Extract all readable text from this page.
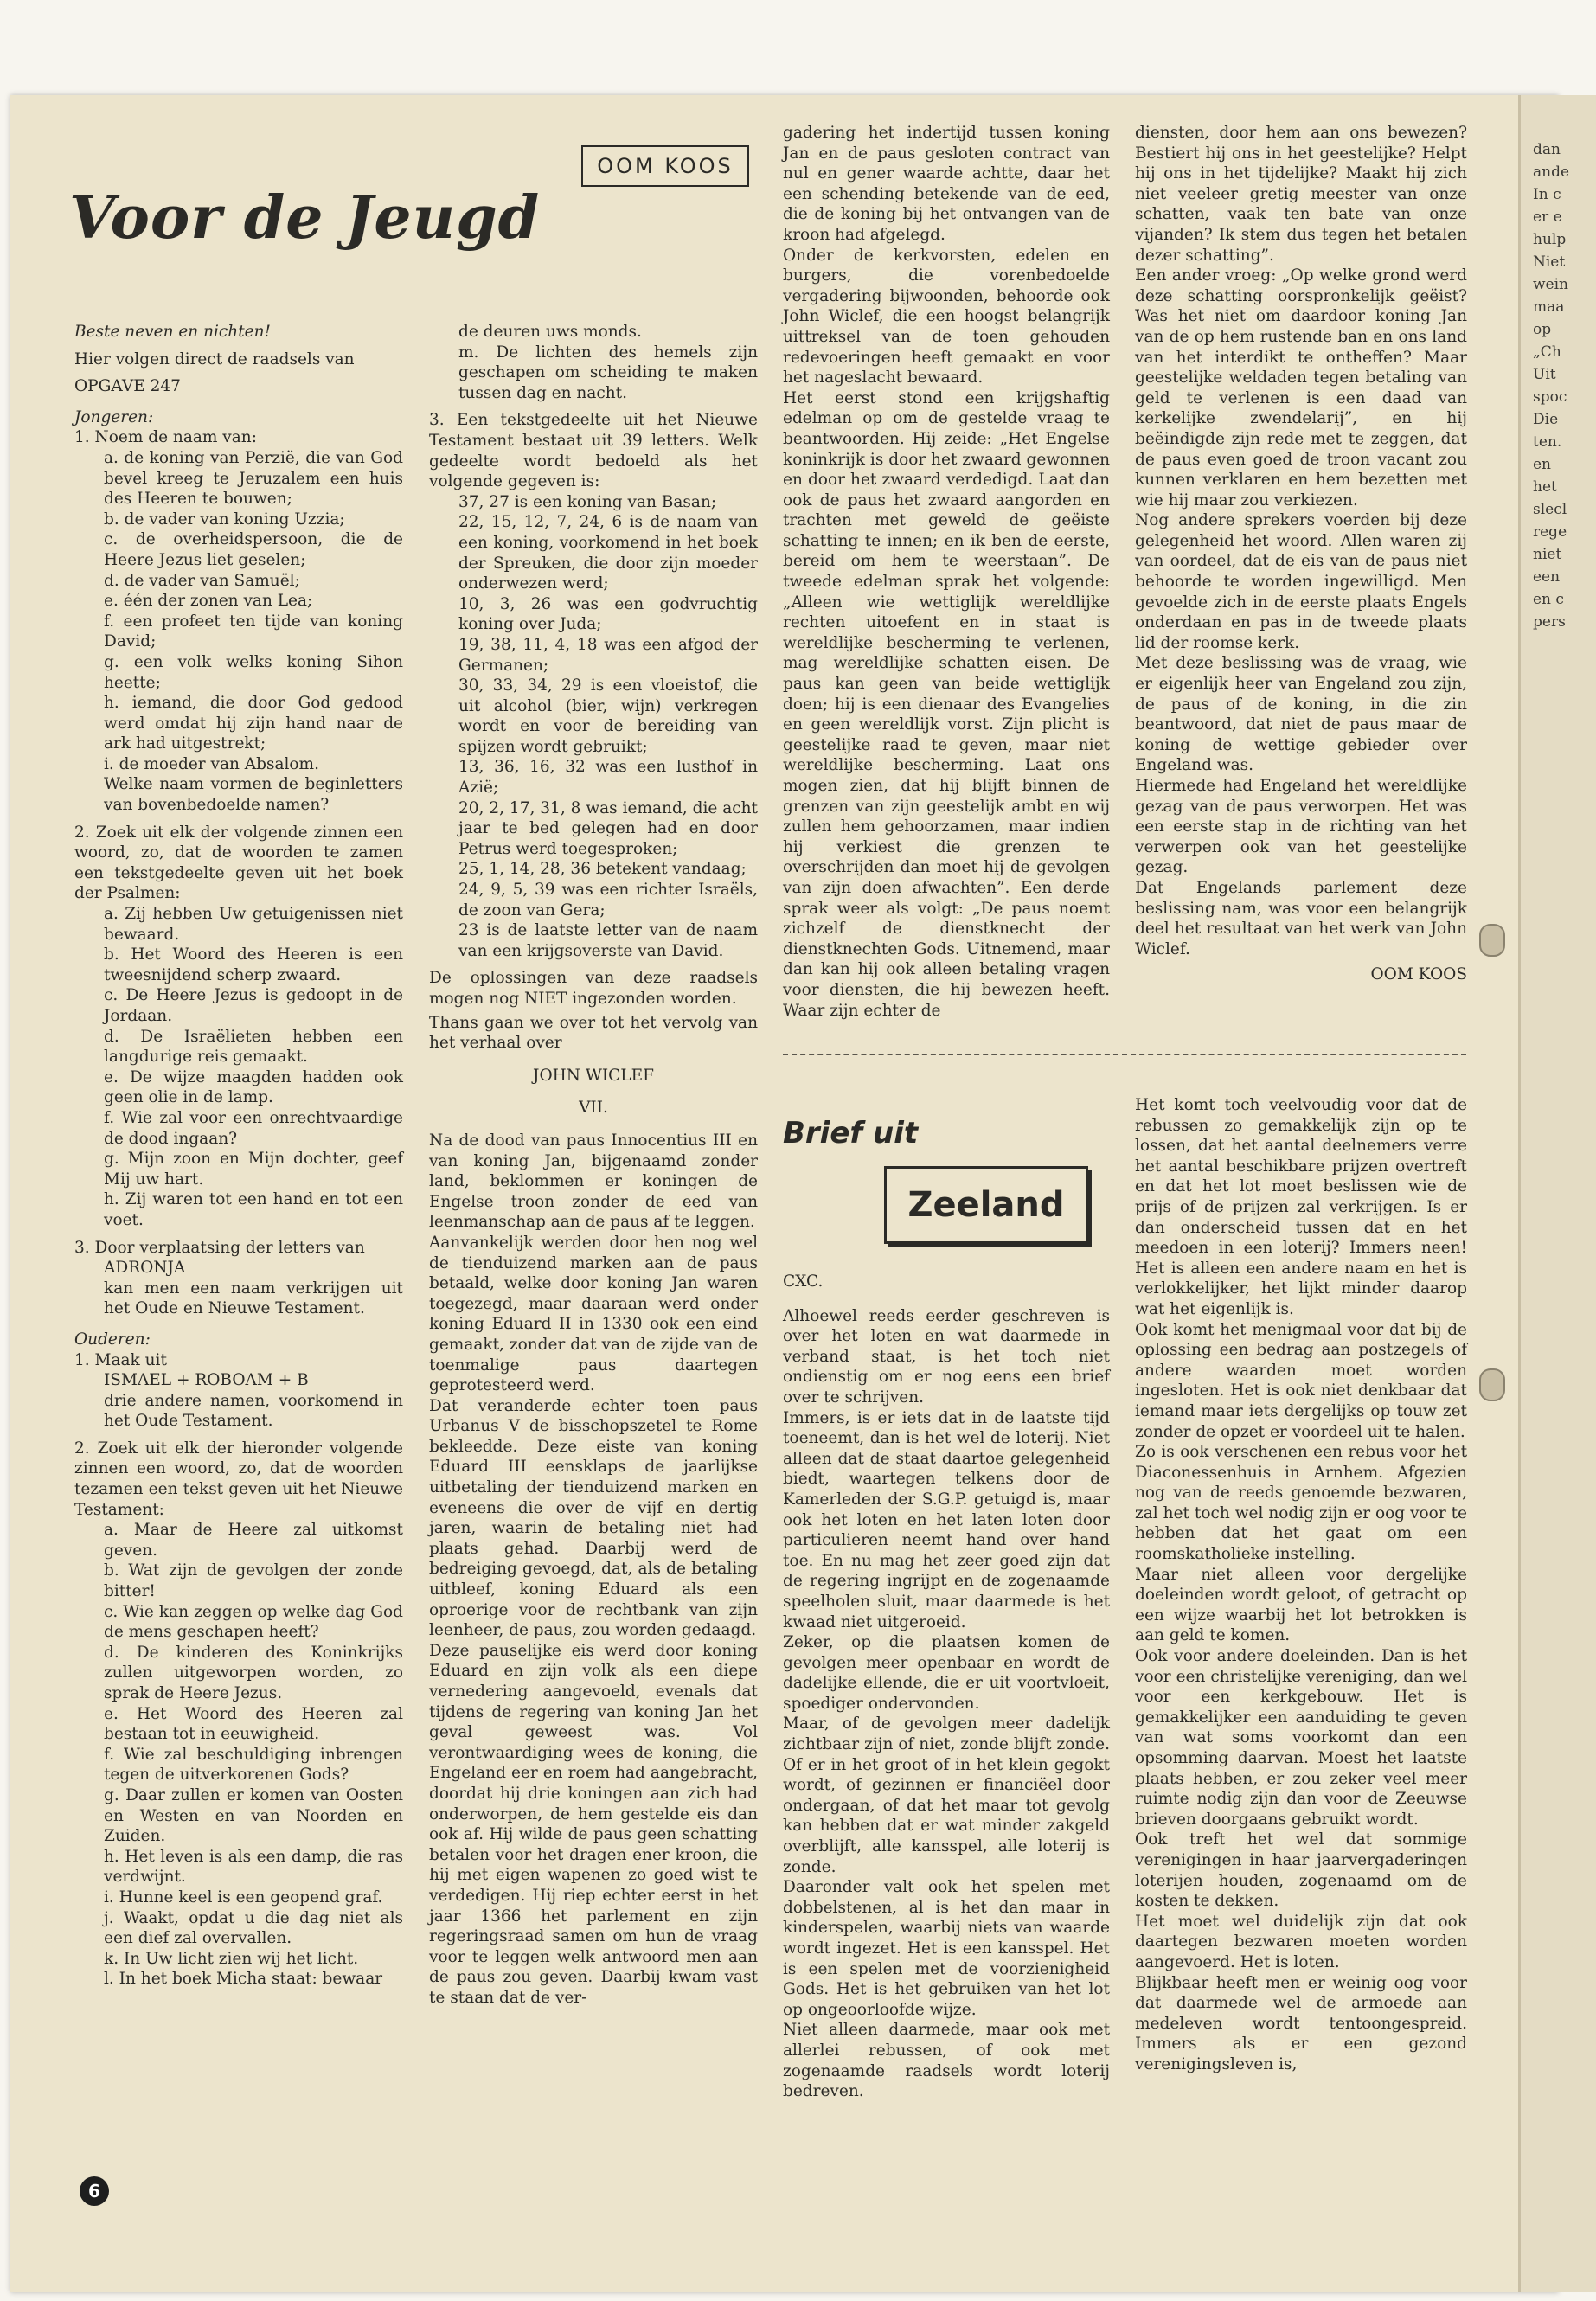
dan
ande
In c
er e
hulp
Niet
wein
maa
op
„Ch
Uit
spoc
Die
ten.
en
het
slecl
rege
niet
een
en c
pers
OOM KOOS
Voor de Jeugd

Beste neven en nichten!

Hier volgen direct de raadsels van

OPGAVE 247

Jongeren:

1. Noem de naam van:

a. de koning van Perzië, die van God bevel kreeg te Jeruzalem een huis des Heeren te bouwen;

b. de vader van koning Uzzia;

c. de overheidspersoon, die de Heere Jezus liet geselen;

d. de vader van Samuël;

e. één der zonen van Lea;

f. een profeet ten tijde van koning David;

g. een volk welks koning Sihon heette;

h. iemand, die door God gedood werd omdat hij zijn hand naar de ark had uitgestrekt;

i. de moeder van Absalom.

Welke naam vormen de beginletters van bovenbedoelde namen?

2. Zoek uit elk der volgende zinnen een woord, zo, dat de woorden te zamen een tekstgedeelte geven uit het boek der Psalmen:

a. Zij hebben Uw getuigenissen niet bewaard.

b. Het Woord des Heeren is een tweesnijdend scherp zwaard.

c. De Heere Jezus is gedoopt in de Jordaan.

d. De Israëlieten hebben een langdurige reis gemaakt.

e. De wijze maagden hadden ook geen olie in de lamp.

f. Wie zal voor een onrechtvaardige de dood ingaan?

g. Mijn zoon en Mijn dochter, geef Mij uw hart.

h. Zij waren tot een hand en tot een voet.

3. Door verplaatsing der letters van

ADRONJA

kan men een naam verkrijgen uit het Oude en Nieuwe Testament.

Ouderen:

1. Maak uit

ISMAEL + ROBOAM + B

drie andere namen, voorkomend in het Oude Testament.

2. Zoek uit elk der hieronder volgende zinnen een woord, zo, dat de woorden tezamen een tekst geven uit het Nieuwe Testament:

a. Maar de Heere zal uitkomst geven.

b. Wat zijn de gevolgen der zonde bitter!

c. Wie kan zeggen op welke dag God de mens geschapen heeft?

d. De kinderen des Koninkrijks zullen uitgeworpen worden, zo sprak de Heere Jezus.

e. Het Woord des Heeren zal bestaan tot in eeuwigheid.

f. Wie zal beschuldiging inbrengen tegen de uitverkorenen Gods?

g. Daar zullen er komen van Oosten en Westen en van Noorden en Zuiden.

h. Het leven is als een damp, die ras verdwijnt.

i. Hunne keel is een geopend graf.

j. Waakt, opdat u die dag niet als een dief zal overvallen.

k. In Uw licht zien wij het licht.

l. In het boek Micha staat: bewaar

de deuren uws monds.

m. De lichten des hemels zijn geschapen om scheiding te maken tussen dag en nacht.

3. Een tekstgedeelte uit het Nieuwe Testament bestaat uit 39 letters. Welk gedeelte wordt bedoeld als het volgende gegeven is:

37, 27 is een koning van Basan;

22, 15, 12, 7, 24, 6 is de naam van een koning, voorkomend in het boek der Spreuken, die door zijn moeder onderwezen werd;

10, 3, 26 was een godvruchtig koning over Juda;

19, 38, 11, 4, 18 was een afgod der Germanen;

30, 33, 34, 29 is een vloeistof, die uit alcohol (bier, wijn) verkregen wordt en voor de bereiding van spijzen wordt gebruikt;

13, 36, 16, 32 was een lusthof in Azië;

20, 2, 17, 31, 8 was iemand, die acht jaar te bed gelegen had en door Petrus werd toegesproken;

25, 1, 14, 28, 36 betekent vandaag;

24, 9, 5, 39 was een richter Israëls, de zoon van Gera;

23 is de laatste letter van de naam van een krijgsoverste van David.

De oplossingen van deze raadsels mogen nog NIET ingezonden worden.

Thans gaan we over tot het vervolg van het verhaal over

JOHN WICLEF

VII.

Na de dood van paus Innocentius III en van koning Jan, bijgenaamd zonder land, beklommen er koningen de Engelse troon zonder de eed van leenmanschap aan de paus af te leggen.

Aanvankelijk werden door hen nog wel de tienduizend marken aan de paus betaald, welke door koning Jan waren toegezegd, maar daaraan werd onder koning Eduard II in 1330 ook een eind gemaakt, zonder dat van de zijde van de toenmalige paus daartegen geprotesteerd werd.

Dat veranderde echter toen paus Urbanus V de bisschopszetel te Rome bekleedde. Deze eiste van koning Eduard III eensklaps de jaarlijkse uitbetaling der tienduizend marken en eveneens die over de vijf en dertig jaren, waarin de betaling niet had plaats gehad. Daarbij werd de bedreiging gevoegd, dat, als de betaling uitbleef, koning Eduard als een oproerige voor de rechtbank van zijn leenheer, de paus, zou worden gedaagd.

Deze pauselijke eis werd door koning Eduard en zijn volk als een diepe vernedering aangevoeld, evenals dat tijdens de regering van koning Jan het geval geweest was. Vol verontwaardiging wees de koning, die Engeland eer en roem had aangebracht, doordat hij drie koningen aan zich had onderworpen, de hem gestelde eis dan ook af. Hij wilde de paus geen schatting betalen voor het dragen ener kroon, die hij met eigen wapenen zo goed wist te verdedigen. Hij riep echter eerst in het jaar 1366 het parlement en zijn regeringsraad samen om hun de vraag voor te leggen welk antwoord men aan de paus zou geven. Daarbij kwam vast te staan dat de ver-

gadering het indertijd tussen koning Jan en de paus gesloten contract van nul en gener waarde achtte, daar het een schending betekende van de eed, die de koning bij het ontvangen van de kroon had afgelegd.

Onder de kerkvorsten, edelen en burgers, die vorenbedoelde vergadering bijwoonden, behoorde ook John Wiclef, die een hoogst belangrijk uittreksel van de toen gehouden redevoeringen heeft gemaakt en voor het nageslacht bewaard.

Het eerst stond een krijgshaftig edelman op om de gestelde vraag te beantwoorden. Hij zeide: „Het Engelse koninkrijk is door het zwaard gewonnen en door het zwaard verdedigd. Laat dan ook de paus het zwaard aangorden en trachten met geweld de geëiste schatting te innen; en ik ben de eerste, bereid om hem te weerstaan”. De tweede edelman sprak het volgende: „Alleen wie wettiglijk wereldlijke rechten uitoefent en in staat is wereldlijke bescherming te verlenen, mag wereldlijke schatten eisen. De paus kan geen van beide wettiglijk doen; hij is een dienaar des Evangelies en geen wereldlijk vorst. Zijn plicht is geestelijke raad te geven, maar niet wereldlijke bescherming. Laat ons mogen zien, dat hij blijft binnen de grenzen van zijn geestelijk ambt en wij zullen hem gehoorzamen, maar indien hij verkiest die grenzen te overschrijden dan moet hij de gevolgen van zijn doen afwachten”. Een derde sprak weer als volgt: „De paus noemt zichzelf de dienstknecht der dienstknechten Gods. Uitnemend, maar dan kan hij ook alleen betaling vragen voor diensten, die hij bewezen heeft. Waar zijn echter de

diensten, door hem aan ons bewezen? Bestiert hij ons in het geestelijke? Helpt hij ons in het tijdelijke? Maakt hij zich niet veeleer gretig meester van onze schatten, vaak ten bate van onze vijanden? Ik stem dus tegen het betalen dezer schatting”.

Een ander vroeg: „Op welke grond werd deze schatting oorspronkelijk geëist? Was het niet om daardoor koning Jan van de op hem rustende ban en ons land van het interdikt te ontheffen? Maar geestelijke weldaden tegen betaling van geld te verlenen is een daad van kerkelijke zwendelarij”, en hij beëindigde zijn rede met te zeggen, dat de paus even goed de troon vacant zou kunnen verklaren en hem bezetten met wie hij maar zou verkiezen.

Nog andere sprekers voerden bij deze gelegenheid het woord. Allen waren zij van oordeel, dat de eis van de paus niet behoorde te worden ingewilligd. Men gevoelde zich in de eerste plaats Engels onderdaan en pas in de tweede plaats lid der roomse kerk.

Met deze beslissing was de vraag, wie er eigenlijk heer van Engeland zou zijn, de paus of de koning, in die zin beantwoord, dat niet de paus maar de koning de wettige gebieder over Engeland was.

Hiermede had Engeland het wereldlijke gezag van de paus verworpen. Het was een eerste stap in de richting van het verwerpen ook van het geestelijke gezag.

Dat Engelands parlement deze beslissing nam, was voor een belangrijk deel het resultaat van het werk van John Wiclef.

OOM KOOS

Brief uit
Zeeland

CXC.

Alhoewel reeds eerder geschreven is over het loten en wat daarmede in verband staat, is het toch niet ondienstig om er nog eens een brief over te schrijven.

Immers, is er iets dat in de laatste tijd toeneemt, dan is het wel de loterij. Niet alleen dat de staat daartoe gelegenheid biedt, waartegen telkens door de Kamerleden der S.G.P. getuigd is, maar ook het loten en het laten loten door particulieren neemt hand over hand toe. En nu mag het zeer goed zijn dat de regering ingrijpt en de zogenaamde speelholen sluit, maar daarmede is het kwaad niet uitgeroeid.

Zeker, op die plaatsen komen de gevolgen meer openbaar en wordt de dadelijke ellende, die er uit voortvloeit, spoediger ondervonden.

Maar, of de gevolgen meer dadelijk zichtbaar zijn of niet, zonde blijft zonde. Of er in het groot of in het klein gegokt wordt, of gezinnen er financiëel door ondergaan, of dat het maar tot gevolg kan hebben dat er wat minder zakgeld overblijft, alle kansspel, alle loterij is zonde.

Daaronder valt ook het spelen met dobbelstenen, al is het dan maar in kinderspelen, waarbij niets van waarde wordt ingezet. Het is een kansspel. Het is een spelen met de voorzienigheid Gods. Het is het gebruiken van het lot op ongeoorloofde wijze.

Niet alleen daarmede, maar ook met allerlei rebussen, of ook met zogenaamde raadsels wordt loterij bedreven.

Het komt toch veelvoudig voor dat de rebussen zo gemakkelijk zijn op te lossen, dat het aantal deelnemers verre het aantal beschikbare prijzen overtreft en dat het lot moet beslissen wie de prijs of de prijzen zal verkrijgen. Is er dan onderscheid tussen dat en het meedoen in een loterij? Immers neen! Het is alleen een andere naam en het is verlokkelijker, het lijkt minder daarop wat het eigenlijk is.

Ook komt het menigmaal voor dat bij de oplossing een bedrag aan postzegels of andere waarden moet worden ingesloten. Het is ook niet denkbaar dat iemand maar iets dergelijks op touw zet zonder de opzet er voordeel uit te halen.

Zo is ook verschenen een rebus voor het Diaconessenhuis in Arnhem. Afgezien nog van de reeds genoemde bezwaren, zal het toch wel nodig zijn er oog voor te hebben dat het gaat om een roomskatholieke instelling.

Maar niet alleen voor dergelijke doeleinden wordt geloot, of getracht op een wijze waarbij het lot betrokken is aan geld te komen.

Ook voor andere doeleinden. Dan is het voor een christelijke vereniging, dan wel voor een kerkgebouw. Het is gemakkelijker een aanduiding te geven van wat soms voorkomt dan een opsomming daarvan. Moest het laatste plaats hebben, er zou zeker veel meer ruimte nodig zijn dan voor de Zeeuwse brieven doorgaans gebruikt wordt.

Ook treft het wel dat sommige verenigingen in haar jaarvergaderingen loterijen houden, zogenaamd om de kosten te dekken.

Het moet wel duidelijk zijn dat ook daartegen bezwaren moeten worden aangevoerd. Het is loten.

Blijkbaar heeft men er weinig oog voor dat daarmede wel de armoede aan medeleven wordt tentoongespreid. Immers als er een gezond verenigingsleven is,

6
